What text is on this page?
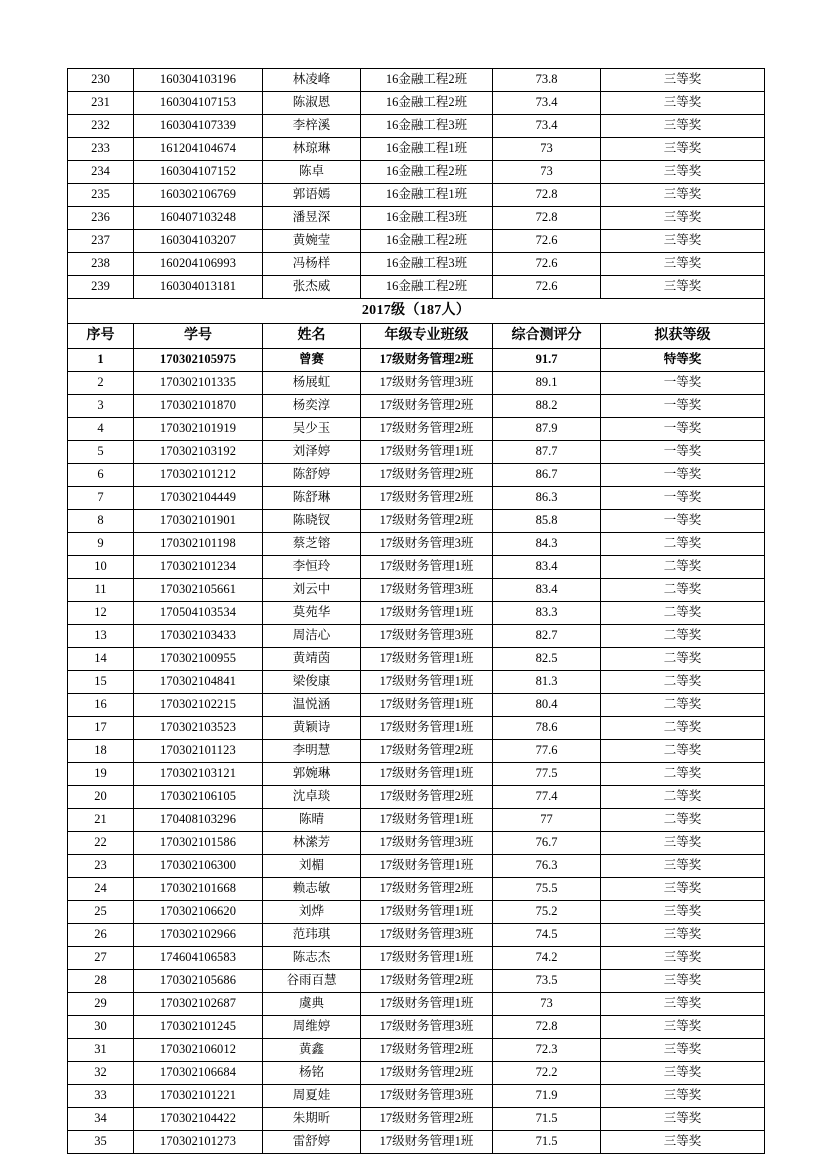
230	160304103196	林凌峰	16金融工程2班	73.8	三等奖
231	160304107153	陈淑恩	16金融工程2班	73.4	三等奖
232	160304107339	李梓溪	16金融工程3班	73.4	三等奖
233	161204104674	林琼琳	16金融工程1班	73	三等奖
234	160304107152	陈卓	16金融工程2班	73	三等奖
235	160302106769	郭语嫣	16金融工程1班	72.8	三等奖
236	160407103248	潘昱深	16金融工程3班	72.8	三等奖
237	160304103207	黄婉莹	16金融工程2班	72.6	三等奖
238	160204106993	冯杨样	16金融工程3班	72.6	三等奖
239	160304013181	张杰威	16金融工程2班	72.6	三等奖
2017级（187人）					
序号	学号	姓名	年级专业班级	综合测评分	拟获等级
1	170302105975	曾赛	17级财务管理2班	91.7	特等奖
2	170302101335	杨展虹	17级财务管理3班	89.1	一等奖
3	170302101870	杨奕淳	17级财务管理2班	88.2	一等奖
4	170302101919	吴少玉	17级财务管理2班	87.9	一等奖
5	170302103192	刘泽婷	17级财务管理1班	87.7	一等奖
6	170302101212	陈舒婷	17级财务管理2班	86.7	一等奖
7	170302104449	陈舒琳	17级财务管理2班	86.3	一等奖
8	170302101901	陈晓钗	17级财务管理2班	85.8	一等奖
9	170302101198	蔡芝镕	17级财务管理3班	84.3	二等奖
10	170302101234	李恒玲	17级财务管理1班	83.4	二等奖
11	170302105661	刘云中	17级财务管理3班	83.4	二等奖
12	170504103534	莫苑华	17级财务管理1班	83.3	二等奖
13	170302103433	周洁心	17级财务管理3班	82.7	二等奖
14	170302100955	黄靖茵	17级财务管理1班	82.5	二等奖
15	170302104841	梁俊康	17级财务管理1班	81.3	二等奖
16	170302102215	温悦涵	17级财务管理1班	80.4	二等奖
17	170302103523	黄颖诗	17级财务管理1班	78.6	二等奖
18	170302101123	李明慧	17级财务管理2班	77.6	二等奖
19	170302103121	郭婉琳	17级财务管理1班	77.5	二等奖
20	170302106105	沈卓琰	17级财务管理2班	77.4	二等奖
21	170408103296	陈晴	17级财务管理1班	77	二等奖
22	170302101586	林潆芳	17级财务管理3班	76.7	三等奖
23	170302106300	刘楣	17级财务管理1班	76.3	三等奖
24	170302101668	赖志敏	17级财务管理2班	75.5	三等奖
25	170302106620	刘烨	17级财务管理1班	75.2	三等奖
26	170302102966	范玮琪	17级财务管理3班	74.5	三等奖
27	174604106583	陈志杰	17级财务管理1班	74.2	三等奖
28	170302105686	谷雨百慧	17级财务管理2班	73.5	三等奖
29	170302102687	虞典	17级财务管理1班	73	三等奖
30	170302101245	周维婷	17级财务管理3班	72.8	三等奖
31	170302106012	黄鑫	17级财务管理2班	72.3	三等奖
32	170302106684	杨铭	17级财务管理2班	72.2	三等奖
33	170302101221	周夏娃	17级财务管理3班	71.9	三等奖
34	170302104422	朱期昕	17级财务管理2班	71.5	三等奖
35	170302101273	雷舒婷	17级财务管理1班	71.5	三等奖
